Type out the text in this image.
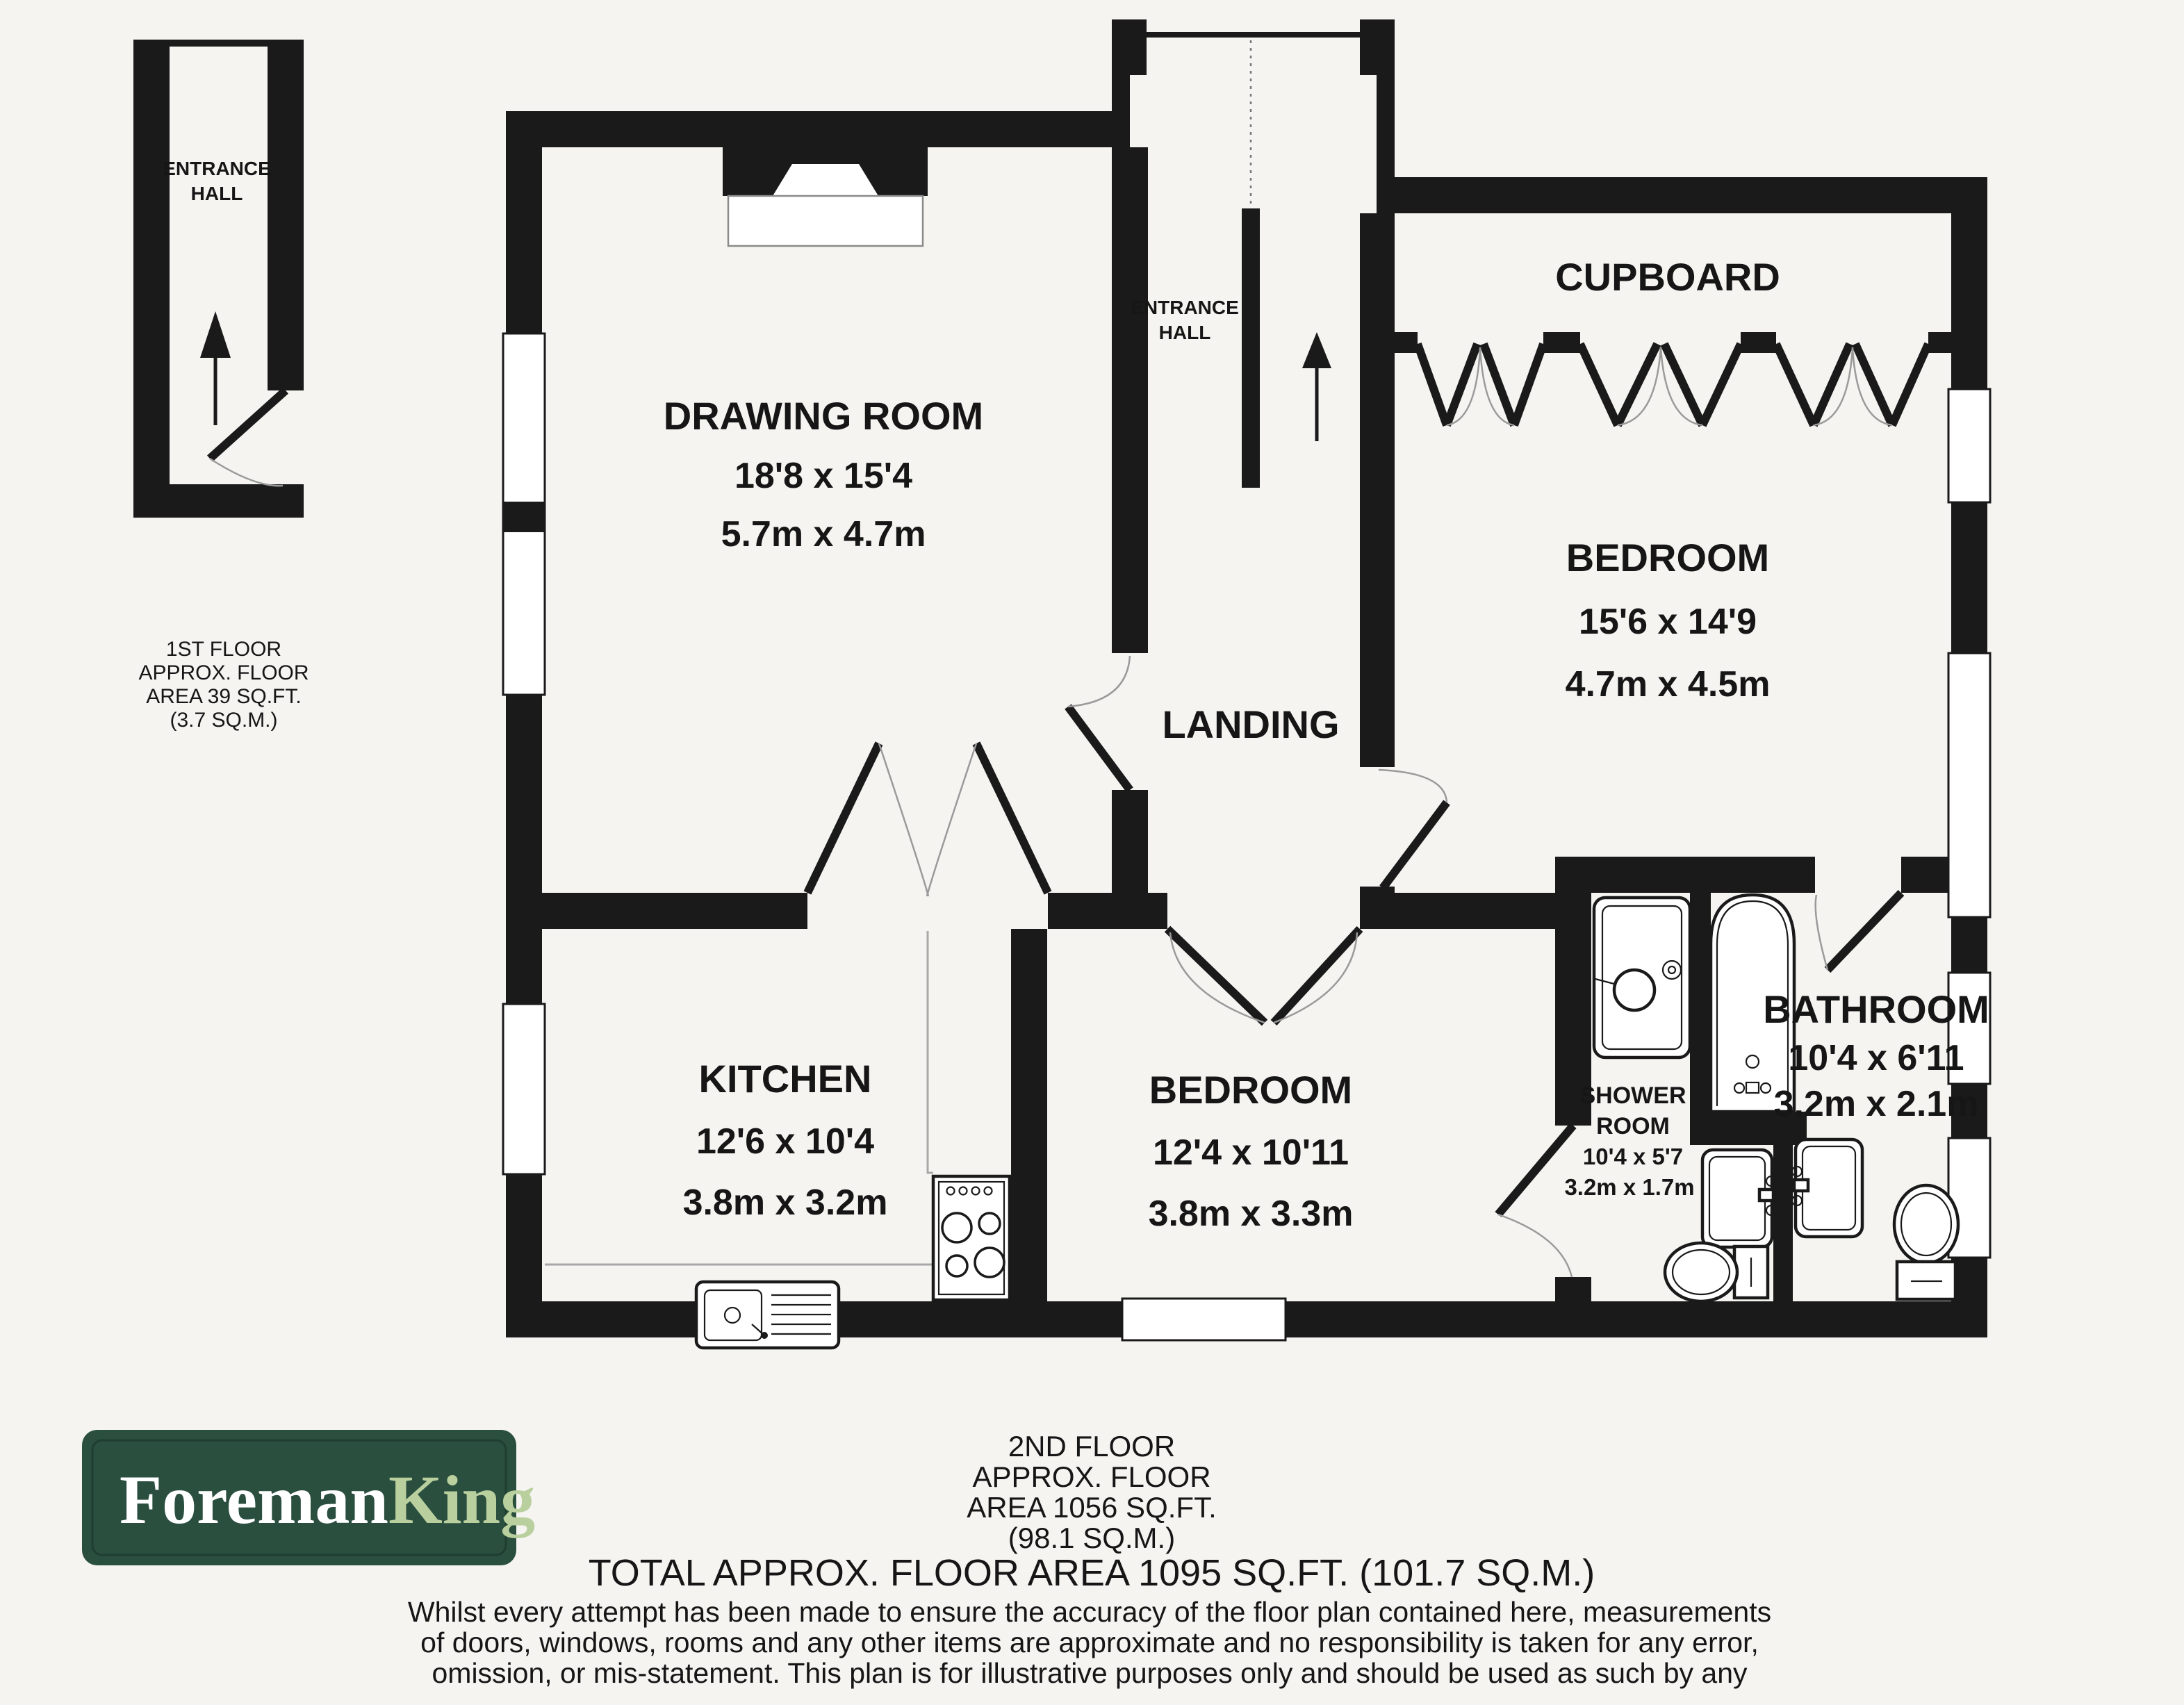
ENTRANCE
HALL
1ST FLOOR
APPROX. FLOOR
AREA 39 SQ.FT.
(3.7 SQ.M.)
ENTRANCE
HALL
DRAWING ROOM
18'8 x 15'4
5.7m x 4.7m
CUPBOARD
BEDROOM
15'6 x 14'9
4.7m x 4.5m
LANDING
KITCHEN
12'6 x 10'4
3.8m x 3.2m
BEDROOM
12'4 x 10'11
3.8m x 3.3m
SHOWER
ROOM
10'4 x 5'7
3.2m x 1.7m
BATHROOM
10'4 x 6'11
3.2m x 2.1m
ForemanKing
2ND FLOOR
APPROX. FLOOR
AREA 1056 SQ.FT.
(98.1 SQ.M.)
TOTAL APPROX. FLOOR AREA 1095 SQ.FT. (101.7 SQ.M.)
Whilst every attempt has been made to ensure the accuracy of the floor plan contained here, measurements
of doors, windows, rooms and any other items are approximate and no responsibility is taken for any error,
omission, or mis-statement. This plan is for illustrative purposes only and should be used as such by any
